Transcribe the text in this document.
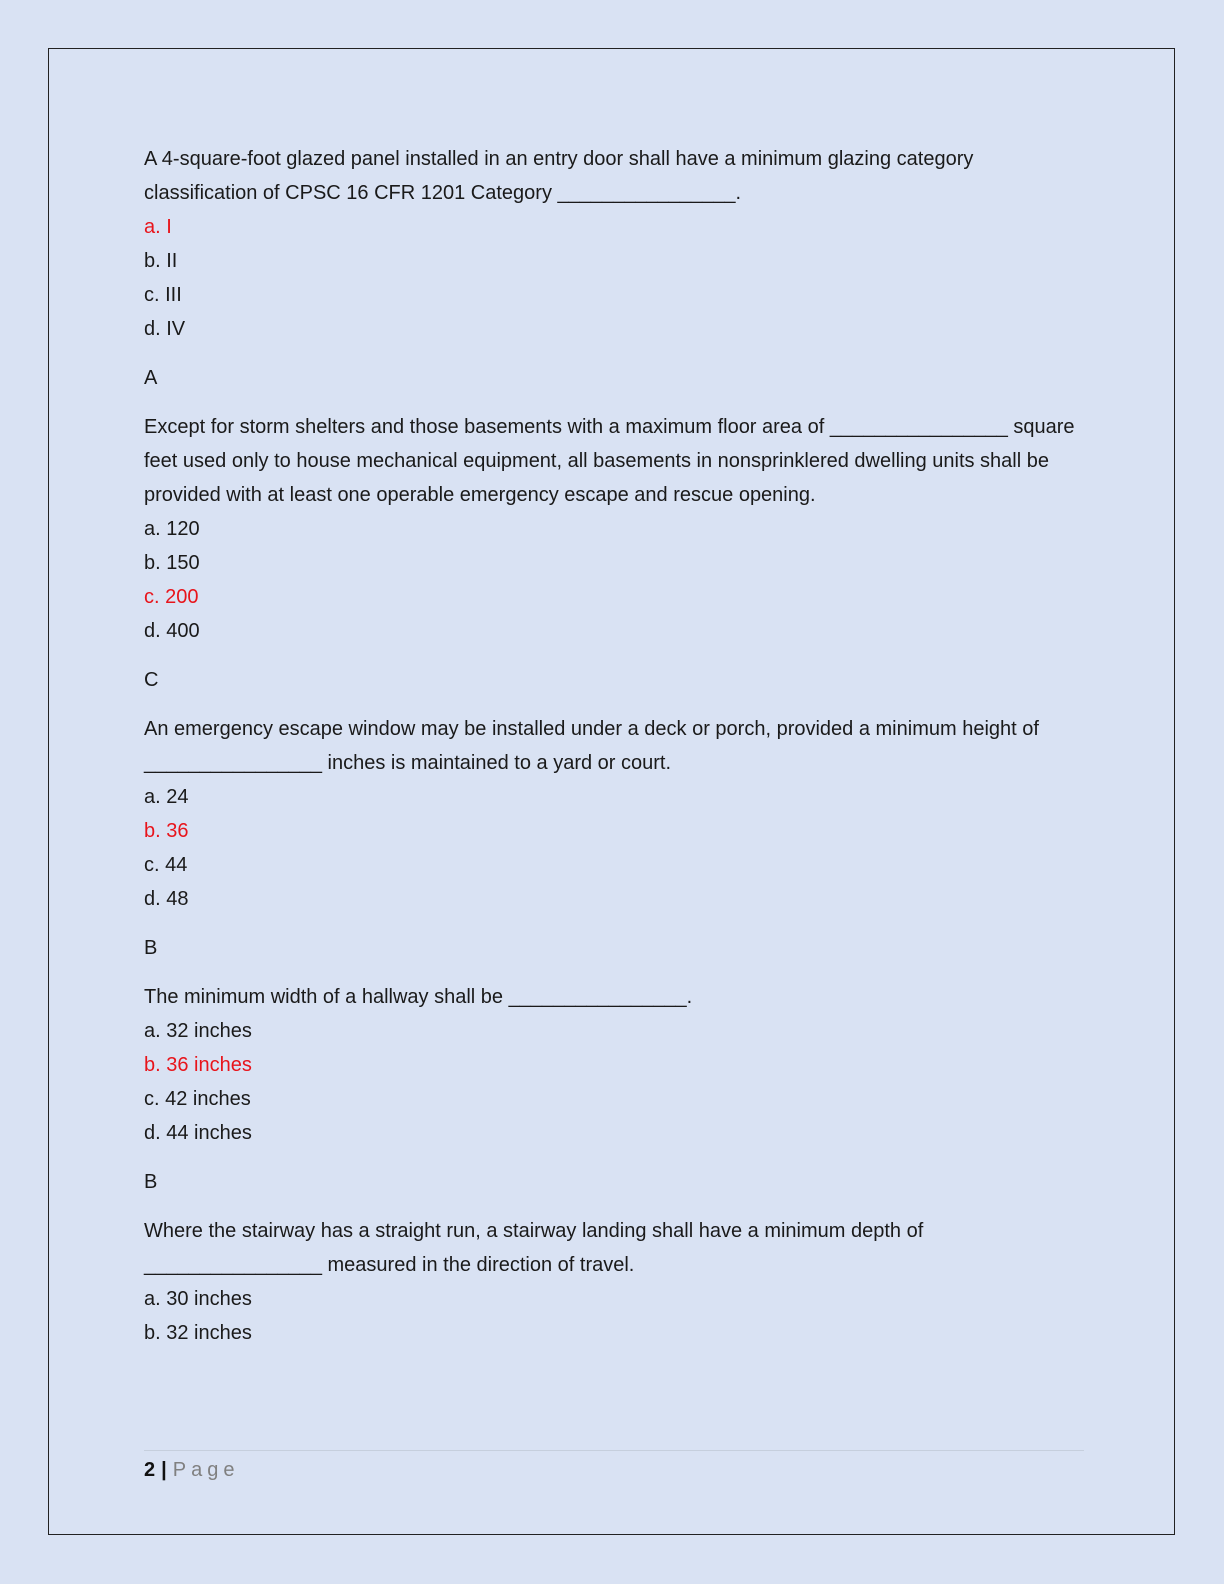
A 4-square-foot glazed panel installed in an entry door shall have a minimum glazing category classification of CPSC 16 CFR 1201 Category ________________.

a. I
b. II
c. III
d. IV
A

Except for storm shelters and those basements with a maximum floor area of ________________ square feet used only to house mechanical equipment, all basements in nonsprinklered dwelling units shall be provided with at least one operable emergency escape and rescue opening.

a. 120
b. 150
c. 200
d. 400
C

An emergency escape window may be installed under a deck or porch, provided a minimum height of ________________ inches is maintained to a yard or court.

a. 24
b. 36
c. 44
d. 48
B

The minimum width of a hallway shall be ________________.

a. 32 inches
b. 36 inches
c. 42 inches
d. 44 inches
B

Where the stairway has a straight run, a stairway landing shall have a minimum depth of ________________ measured in the direction of travel.

a. 30 inches
b. 32 inches
2 | Page
